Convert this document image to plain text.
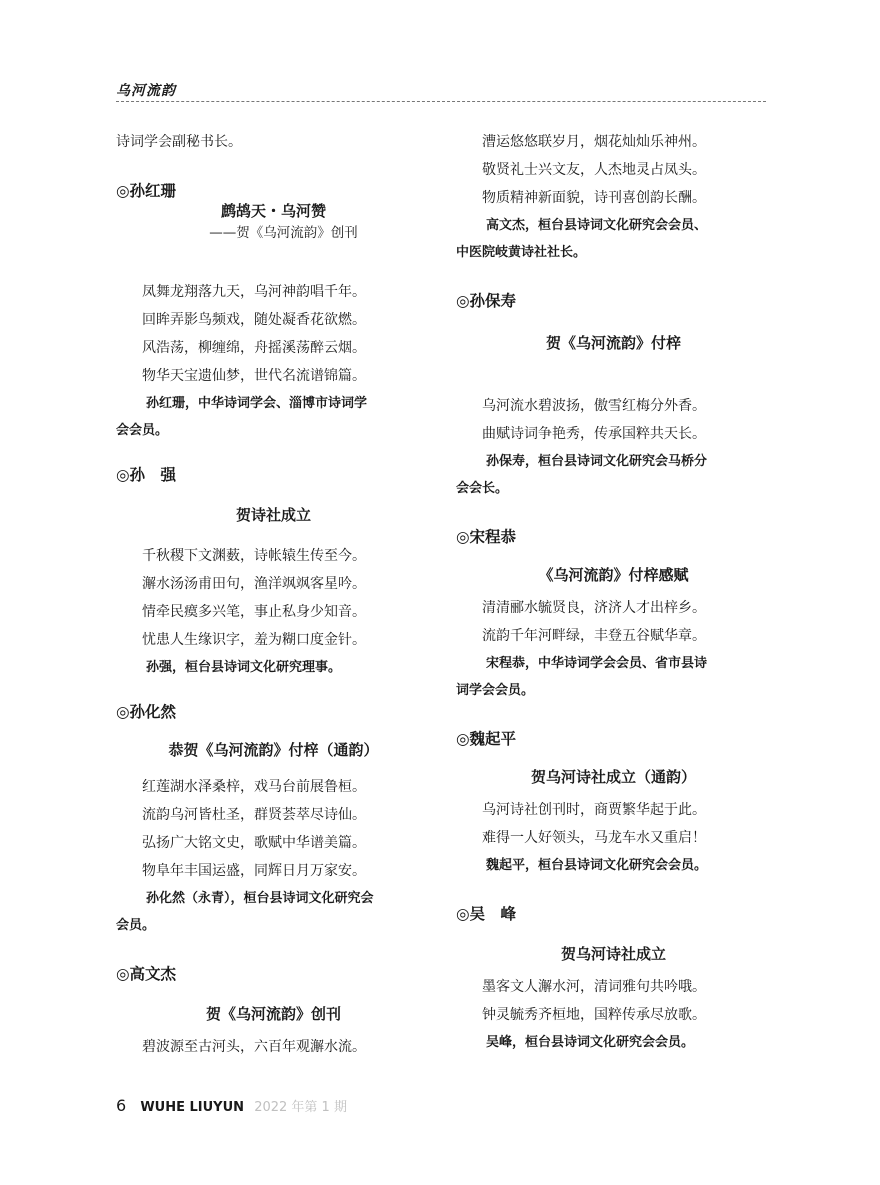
乌河流韵
诗词学会副秘书长。
◎孙红珊
鹧鸪天・乌河赞
——贺《乌河流韵》创刊
凤舞龙翔落九天，乌河神韵唱千年。
回眸弄影鸟频戏，随处凝香花欲燃。
风浩荡，柳缠绵，舟摇溪荡醉云烟。
物华天宝遗仙梦，世代名流谱锦篇。
孙红珊，中华诗词学会、淄博市诗词学
会会员。
◎孙　强
贺诗社成立
千秋稷下文渊薮，诗帐辕生传至今。
澥水汤汤甫田句，渔洋飒飒客星吟。
情牵民瘼多兴笔，事止私身少知音。
忧患人生缘识字，羞为糊口度金针。
孙强，桓台县诗词文化研究理事。
◎孙化然
恭贺《乌河流韵》付梓（通韵）
红莲湖水泽桑梓，戏马台前展鲁桓。
流韵乌河皆杜圣，群贤荟萃尽诗仙。
弘扬广大铭文史，歌赋中华谱美篇。
物阜年丰国运盛，同辉日月万家安。
孙化然（永青），桓台县诗词文化研究会
会员。
◎高文杰
贺《乌河流韵》创刊
碧波源至古河头，六百年观澥水流。
漕运悠悠联岁月，烟花灿灿乐神州。
敬贤礼士兴文友，人杰地灵占凤头。
物质精神新面貌，诗刊喜创韵长酬。
高文杰，桓台县诗词文化研究会会员、
中医院岐黄诗社社长。
◎孙保寿
贺《乌河流韵》付梓
乌河流水碧波扬，傲雪红梅分外香。
曲赋诗词争艳秀，传承国粹共天长。
孙保寿，桓台县诗词文化研究会马桥分
会会长。
◎宋程恭
《乌河流韵》付梓感赋
清清郦水毓贤良，济济人才出梓乡。
流韵千年河畔绿，丰登五谷赋华章。
宋程恭，中华诗词学会会员、省市县诗
词学会会员。
◎魏起平
贺乌河诗社成立（通韵）
乌河诗社创刊时，商贾繁华起于此。
难得一人好领头，马龙车水又重启！
魏起平，桓台县诗词文化研究会会员。
◎吴　峰
贺乌河诗社成立
墨客文人澥水河，清词雅句共吟哦。
钟灵毓秀齐桓地，国粹传承尽放歌。
吴峰，桓台县诗词文化研究会会员。
6 WUHE LIUYUN 2022 年第 1 期
